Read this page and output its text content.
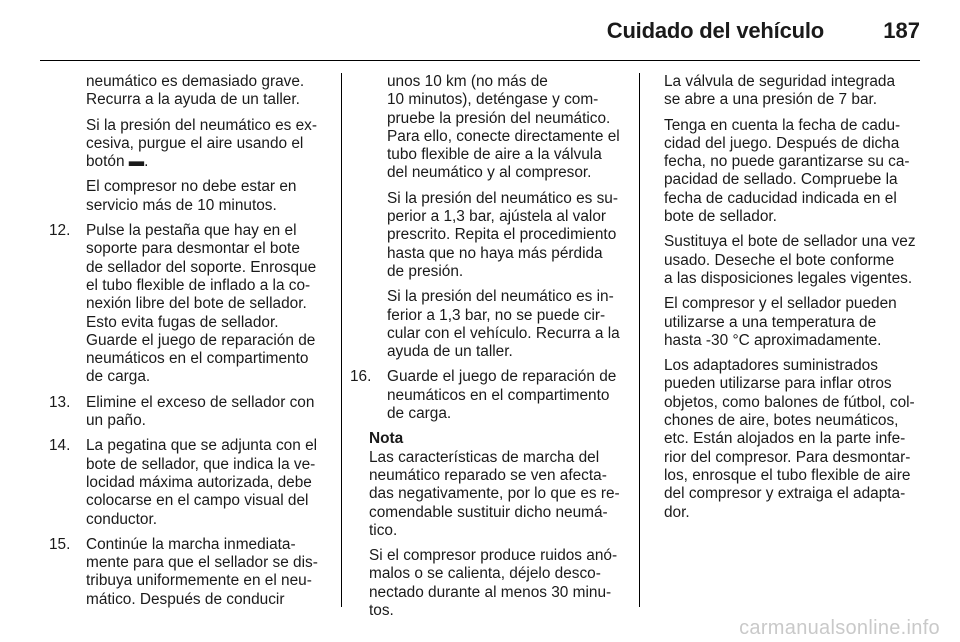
Cuidado del vehículo	187

neumático es demasiado grave.
Recurra a la ayuda de un taller.

Si la presión del neumático es ex-
cesiva, purgue el aire usando el
botón ▬.

El compresor no debe estar en
servicio más de 10 minutos.

12. Pulse la pestaña que hay en el
soporte para desmontar el bote
de sellador del soporte. Enrosque
el tubo flexible de inflado a la co-
nexión libre del bote de sellador.
Esto evita fugas de sellador.
Guarde el juego de reparación de
neumáticos en el compartimento
de carga.
13. Elimine el exceso de sellador con
un paño.
14. La pegatina que se adjunta con el
bote de sellador, que indica la ve-
locidad máxima autorizada, debe
colocarse en el campo visual del
conductor.
15. Continúe la marcha inmediata-
mente para que el sellador se dis-
tribuya uniformemente en el neu-
mático. Después de conducir

unos 10 km (no más de
10 minutos), deténgase y com-
pruebe la presión del neumático.
Para ello, conecte directamente el
tubo flexible de aire a la válvula
del neumático y al compresor.

Si la presión del neumático es su-
perior a 1,3 bar, ajústela al valor
prescrito. Repita el procedimiento
hasta que no haya más pérdida
de presión.

Si la presión del neumático es in-
ferior a 1,3 bar, no se puede cir-
cular con el vehículo. Recurra a la
ayuda de un taller.

16. Guarde el juego de reparación de
neumáticos en el compartimento
de carga.

Nota

Las características de marcha del
neumático reparado se ven afecta-
das negativamente, por lo que es re-
comendable sustituir dicho neumá-
tico.

Si el compresor produce ruidos anó-
malos o se calienta, déjelo desco-
nectado durante al menos 30 minu-
tos.

La válvula de seguridad integrada
se abre a una presión de 7 bar.

Tenga en cuenta la fecha de cadu-
cidad del juego. Después de dicha
fecha, no puede garantizarse su ca-
pacidad de sellado. Compruebe la
fecha de caducidad indicada en el
bote de sellador.

Sustituya el bote de sellador una vez
usado. Deseche el bote conforme
a las disposiciones legales vigentes.

El compresor y el sellador pueden
utilizarse a una temperatura de
hasta -30 °C aproximadamente.

Los adaptadores suministrados
pueden utilizarse para inflar otros
objetos, como balones de fútbol, col-
chones de aire, botes neumáticos,
etc. Están alojados en la parte infe-
rior del compresor. Para desmontar-
los, enrosque el tubo flexible de aire
del compresor y extraiga el adapta-
dor.

carmanualsonline.info
